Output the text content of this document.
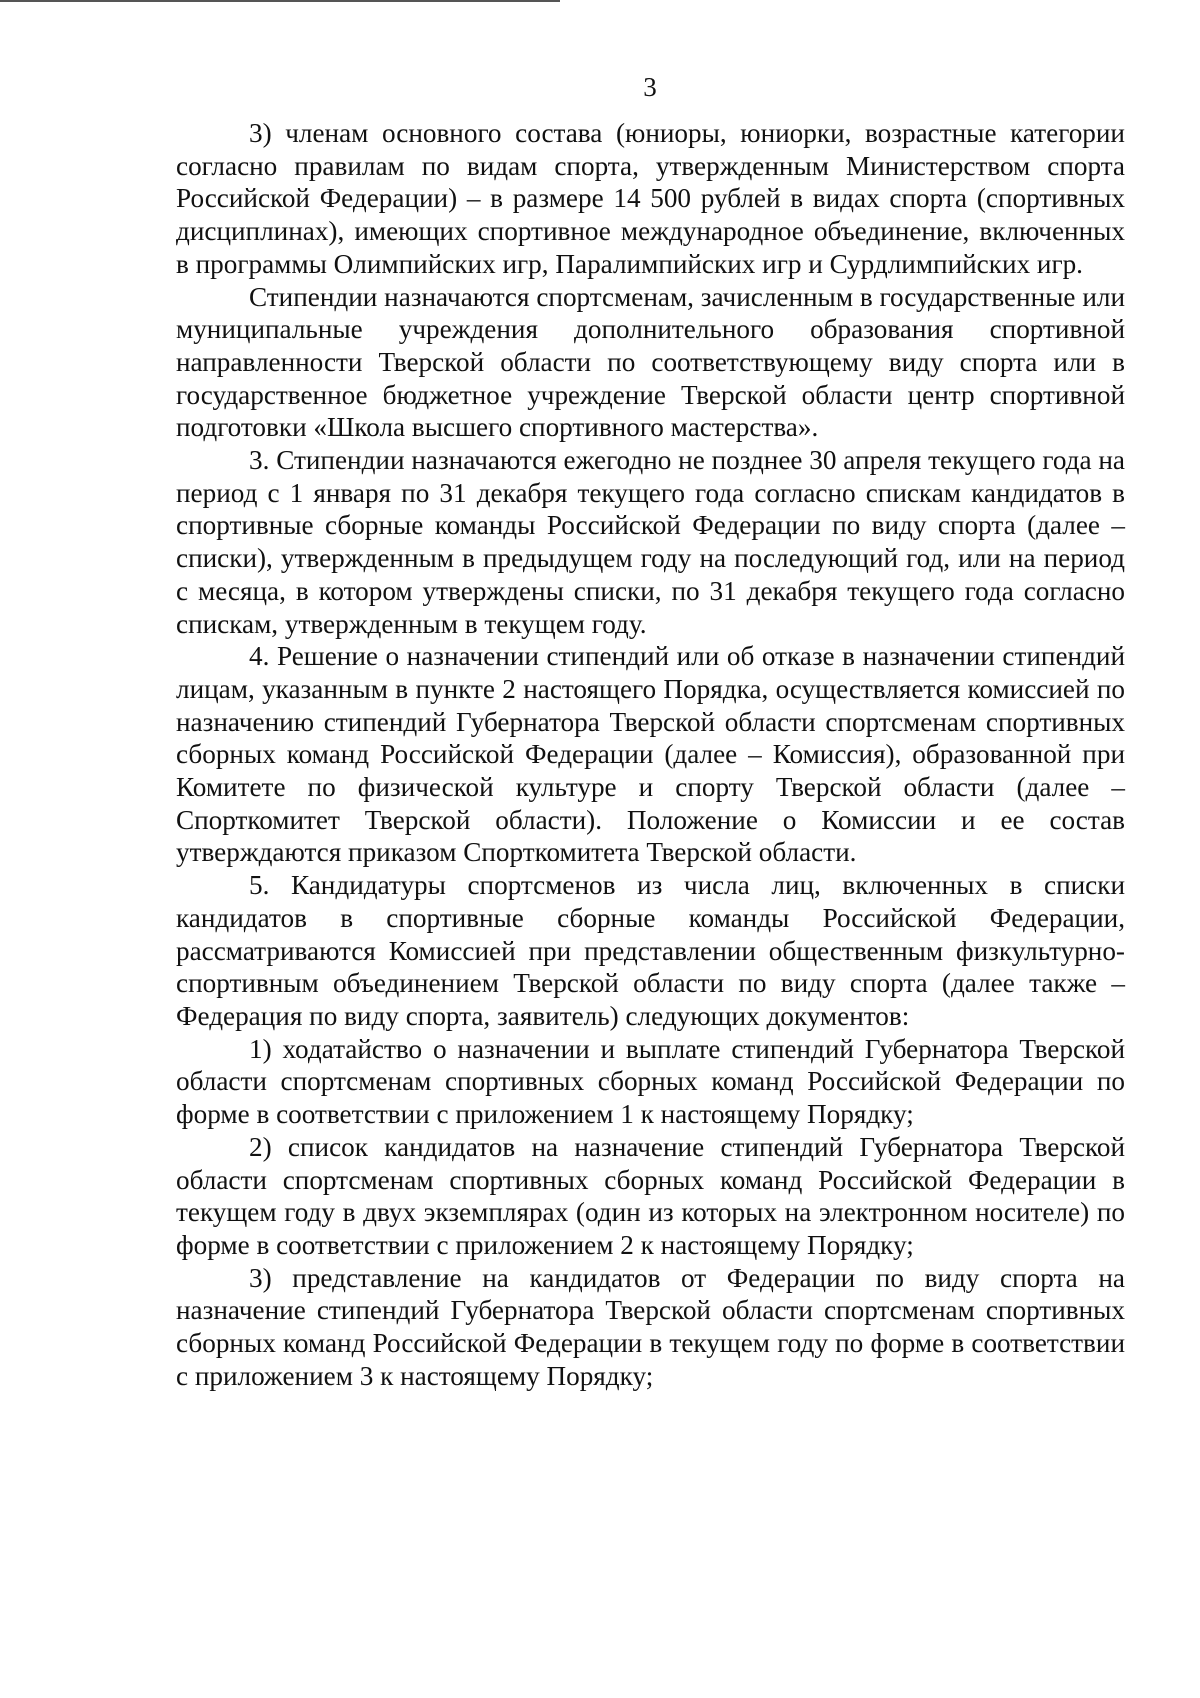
3

3) членам основного состава (юниоры, юниорки, возрастные категории согласно правилам по видам спорта, утвержденным Министерством спорта Российской Федерации) – в размере 14 500 рублей в видах спорта (спортивных дисциплинах), имеющих спортивное международное объединение, включенных в программы Олимпийских игр, Паралимпийских игр и Сурдлимпийских игр.

Стипендии назначаются спортсменам, зачисленным в государственные или муниципальные учреждения дополнительного образования спортивной направленности Тверской области по соответствующему виду спорта или в государственное бюджетное учреждение Тверской области центр спортивной подготовки «Школа высшего спортивного мастерства».

3. Стипендии назначаются ежегодно не позднее 30 апреля текущего года на период с 1 января по 31 декабря текущего года согласно спискам кандидатов в спортивные сборные команды Российской Федерации по виду спорта (далее – списки), утвержденным в предыдущем году на последующий год, или на период с месяца, в котором утверждены списки, по 31 декабря текущего года согласно спискам, утвержденным в текущем году.

4. Решение о назначении стипендий или об отказе в назначении стипендий лицам, указанным в пункте 2 настоящего Порядка, осуществляется комиссией по назначению стипендий Губернатора Тверской области спортсменам спортивных сборных команд Российской Федерации (далее – Комиссия), образованной при Комитете по физической культуре и спорту Тверской области (далее – Спорткомитет Тверской области). Положение о Комиссии и ее состав утверждаются приказом Спорткомитета Тверской области.

5. Кандидатуры спортсменов из числа лиц, включенных в списки кандидатов в спортивные сборные команды Российской Федерации, рассматриваются Комиссией при представлении общественным физкультурно-спортивным объединением Тверской области по виду спорта (далее также – Федерация по виду спорта, заявитель) следующих документов:

1) ходатайство о назначении и выплате стипендий Губернатора Тверской области спортсменам спортивных сборных команд Российской Федерации по форме в соответствии с приложением 1 к настоящему Порядку;

2) список кандидатов на назначение стипендий Губернатора Тверской области спортсменам спортивных сборных команд Российской Федерации в текущем году в двух экземплярах (один из которых на электронном носителе) по форме в соответствии с приложением 2 к настоящему Порядку;

3) представление на кандидатов от Федерации по виду спорта на назначение стипендий Губернатора Тверской области спортсменам спортивных сборных команд Российской Федерации в текущем году по форме в соответствии с приложением 3 к настоящему Порядку;
